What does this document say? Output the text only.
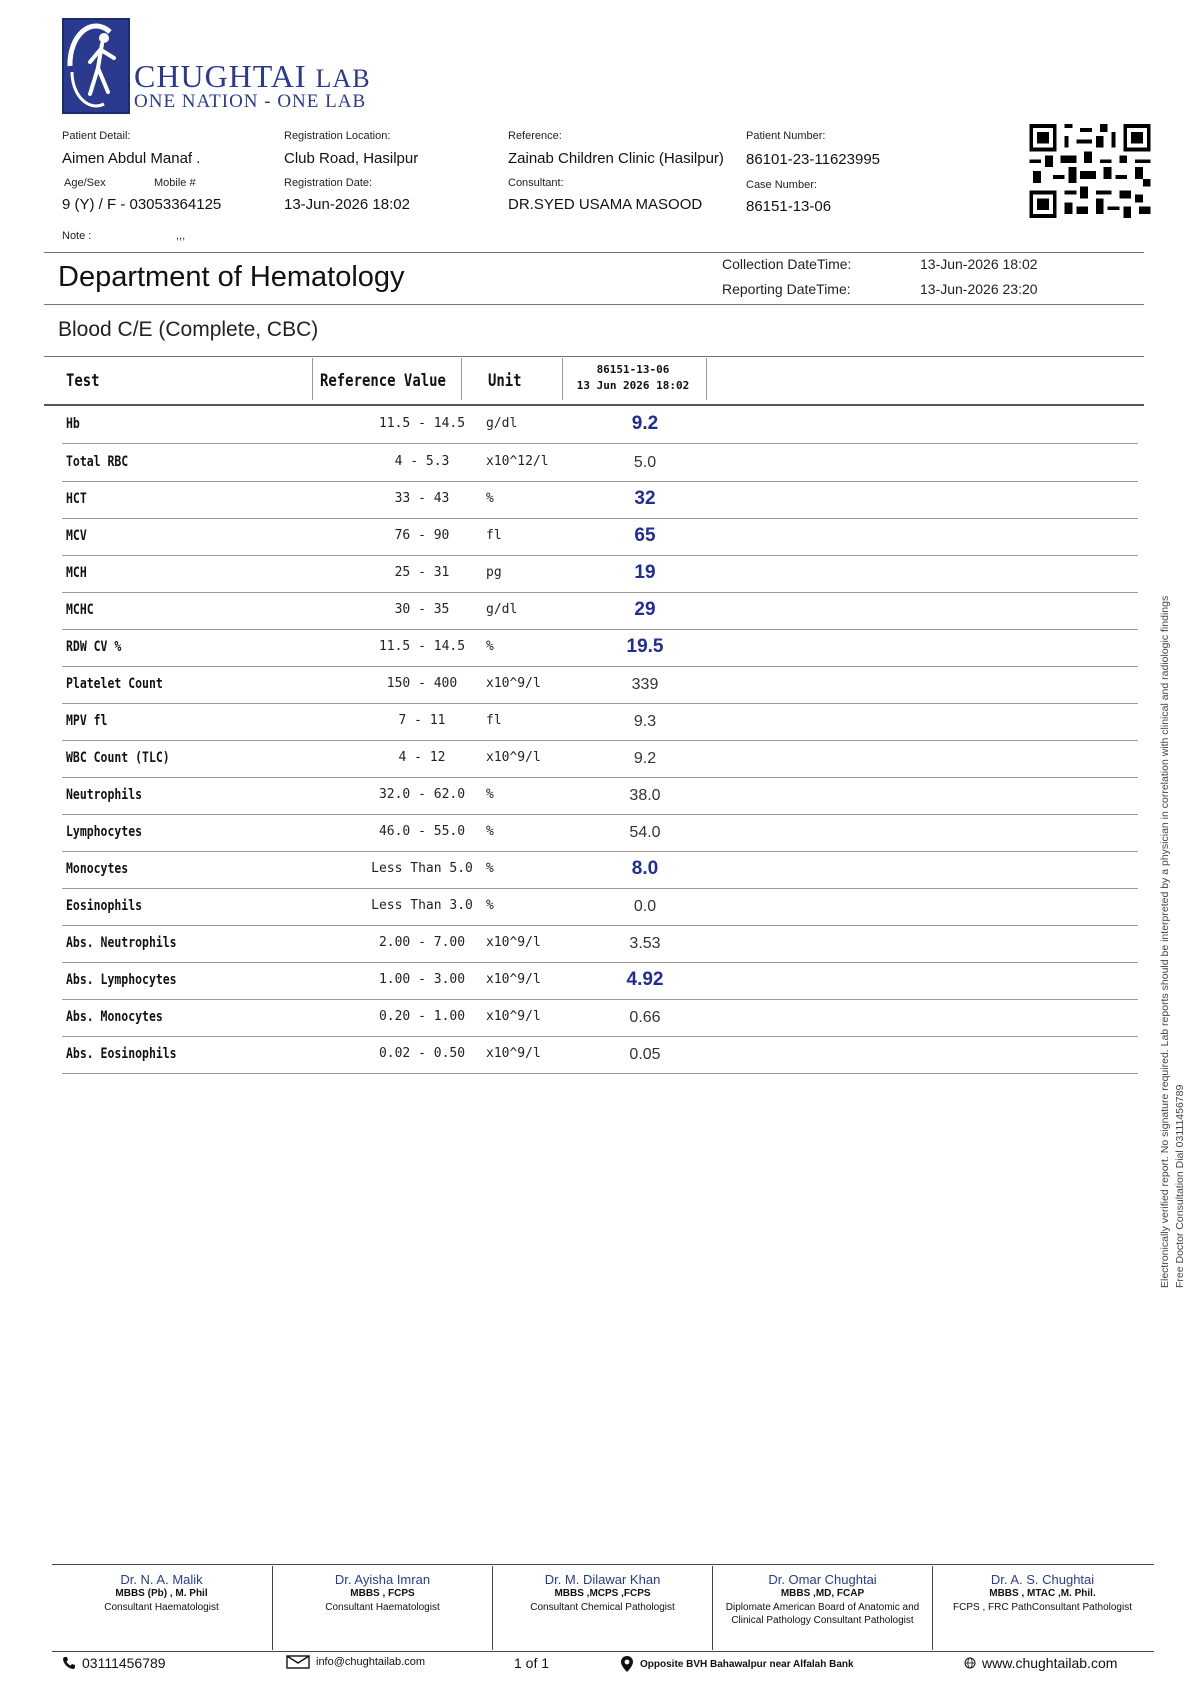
CHUGHTAI LAB
ONE NATION - ONE LAB
Patient Detail:
Aimen Abdul Manaf .
Age/Sex	Mobile #
9 (Y) / F - 03053364125
Note :	,,,
Registration Location:
Club Road, Hasilpur
Registration Date:
13-Jun-2026 18:02
Reference:
Zainab Children Clinic (Hasilpur)
Consultant:
DR.SYED USAMA MASOOD
Patient Number:
86101-23-11623995
Case Number:
86151-13-06
Department of Hematology	Collection DateTime:	13-Jun-2026 18:02
Reporting DateTime:	13-Jun-2026 23:20
Blood C/E (Complete, CBC)
Test	Reference Value Unit
86151-13-06
13 Jun 2026 18:02
Hb	11.5 - 14.5	g/dl	9.2
Total RBC	4 - 5.3	x10^12/l	5.0
HCT	33 - 43	%	32
MCV	76 - 90	fl	65
MCH	25 - 31	pg	19
MCHC	30 - 35	g/dl	29
RDW CV %	11.5 - 14.5	%	19.5
Platelet Count	150 - 400	x10^9/l	339
MPV fl	7 - 11	fl	9.3
WBC Count (TLC)	4 - 12	x10^9/l	9.2
Neutrophils	32.0 - 62.0	%	38.0
Lymphocytes	46.0 - 55.0	%	54.0
Monocytes	Less Than 5.0	%	8.0
Eosinophils	Less Than 3.0	%	0.0
Abs. Neutrophils	2.00 - 7.00	x10^9/l	3.53
Abs. Lymphocytes	1.00 - 3.00	x10^9/l	4.92
Abs. Monocytes	0.20 - 1.00	x10^9/l	0.66
Abs. Eosinophils	0.02 - 0.50	x10^9/l	0.05	Electronically verified report. No signature required. Lab reports should be interpreted by a physician in correlation with clinical and radiologic findings Free Doctor Consultation Dial 03111456789
Dr. N. A. Malik
MBBS (Pb) , M. Phil
Consultant Haematologist
Dr. Ayisha Imran
MBBS , FCPS
Consultant Haematologist
Dr. M. Dilawar Khan
MBBS ,MCPS ,FCPS
Consultant Chemical Pathologist
Dr. Omar Chughtai
MBBS ,MD, FCAP
Diplomate American Board of Anatomic and Clinical Pathology Consultant Pathologist
Dr. A. S. Chughtai
MBBS , MTAC ,M. Phil.
FCPS , FRC PathConsultant Pathologist
03111456789	info@chughtailab.com	1 of 1	Opposite BVH Bahawalpur near Alfalah Bank	www.chughtailab.com
